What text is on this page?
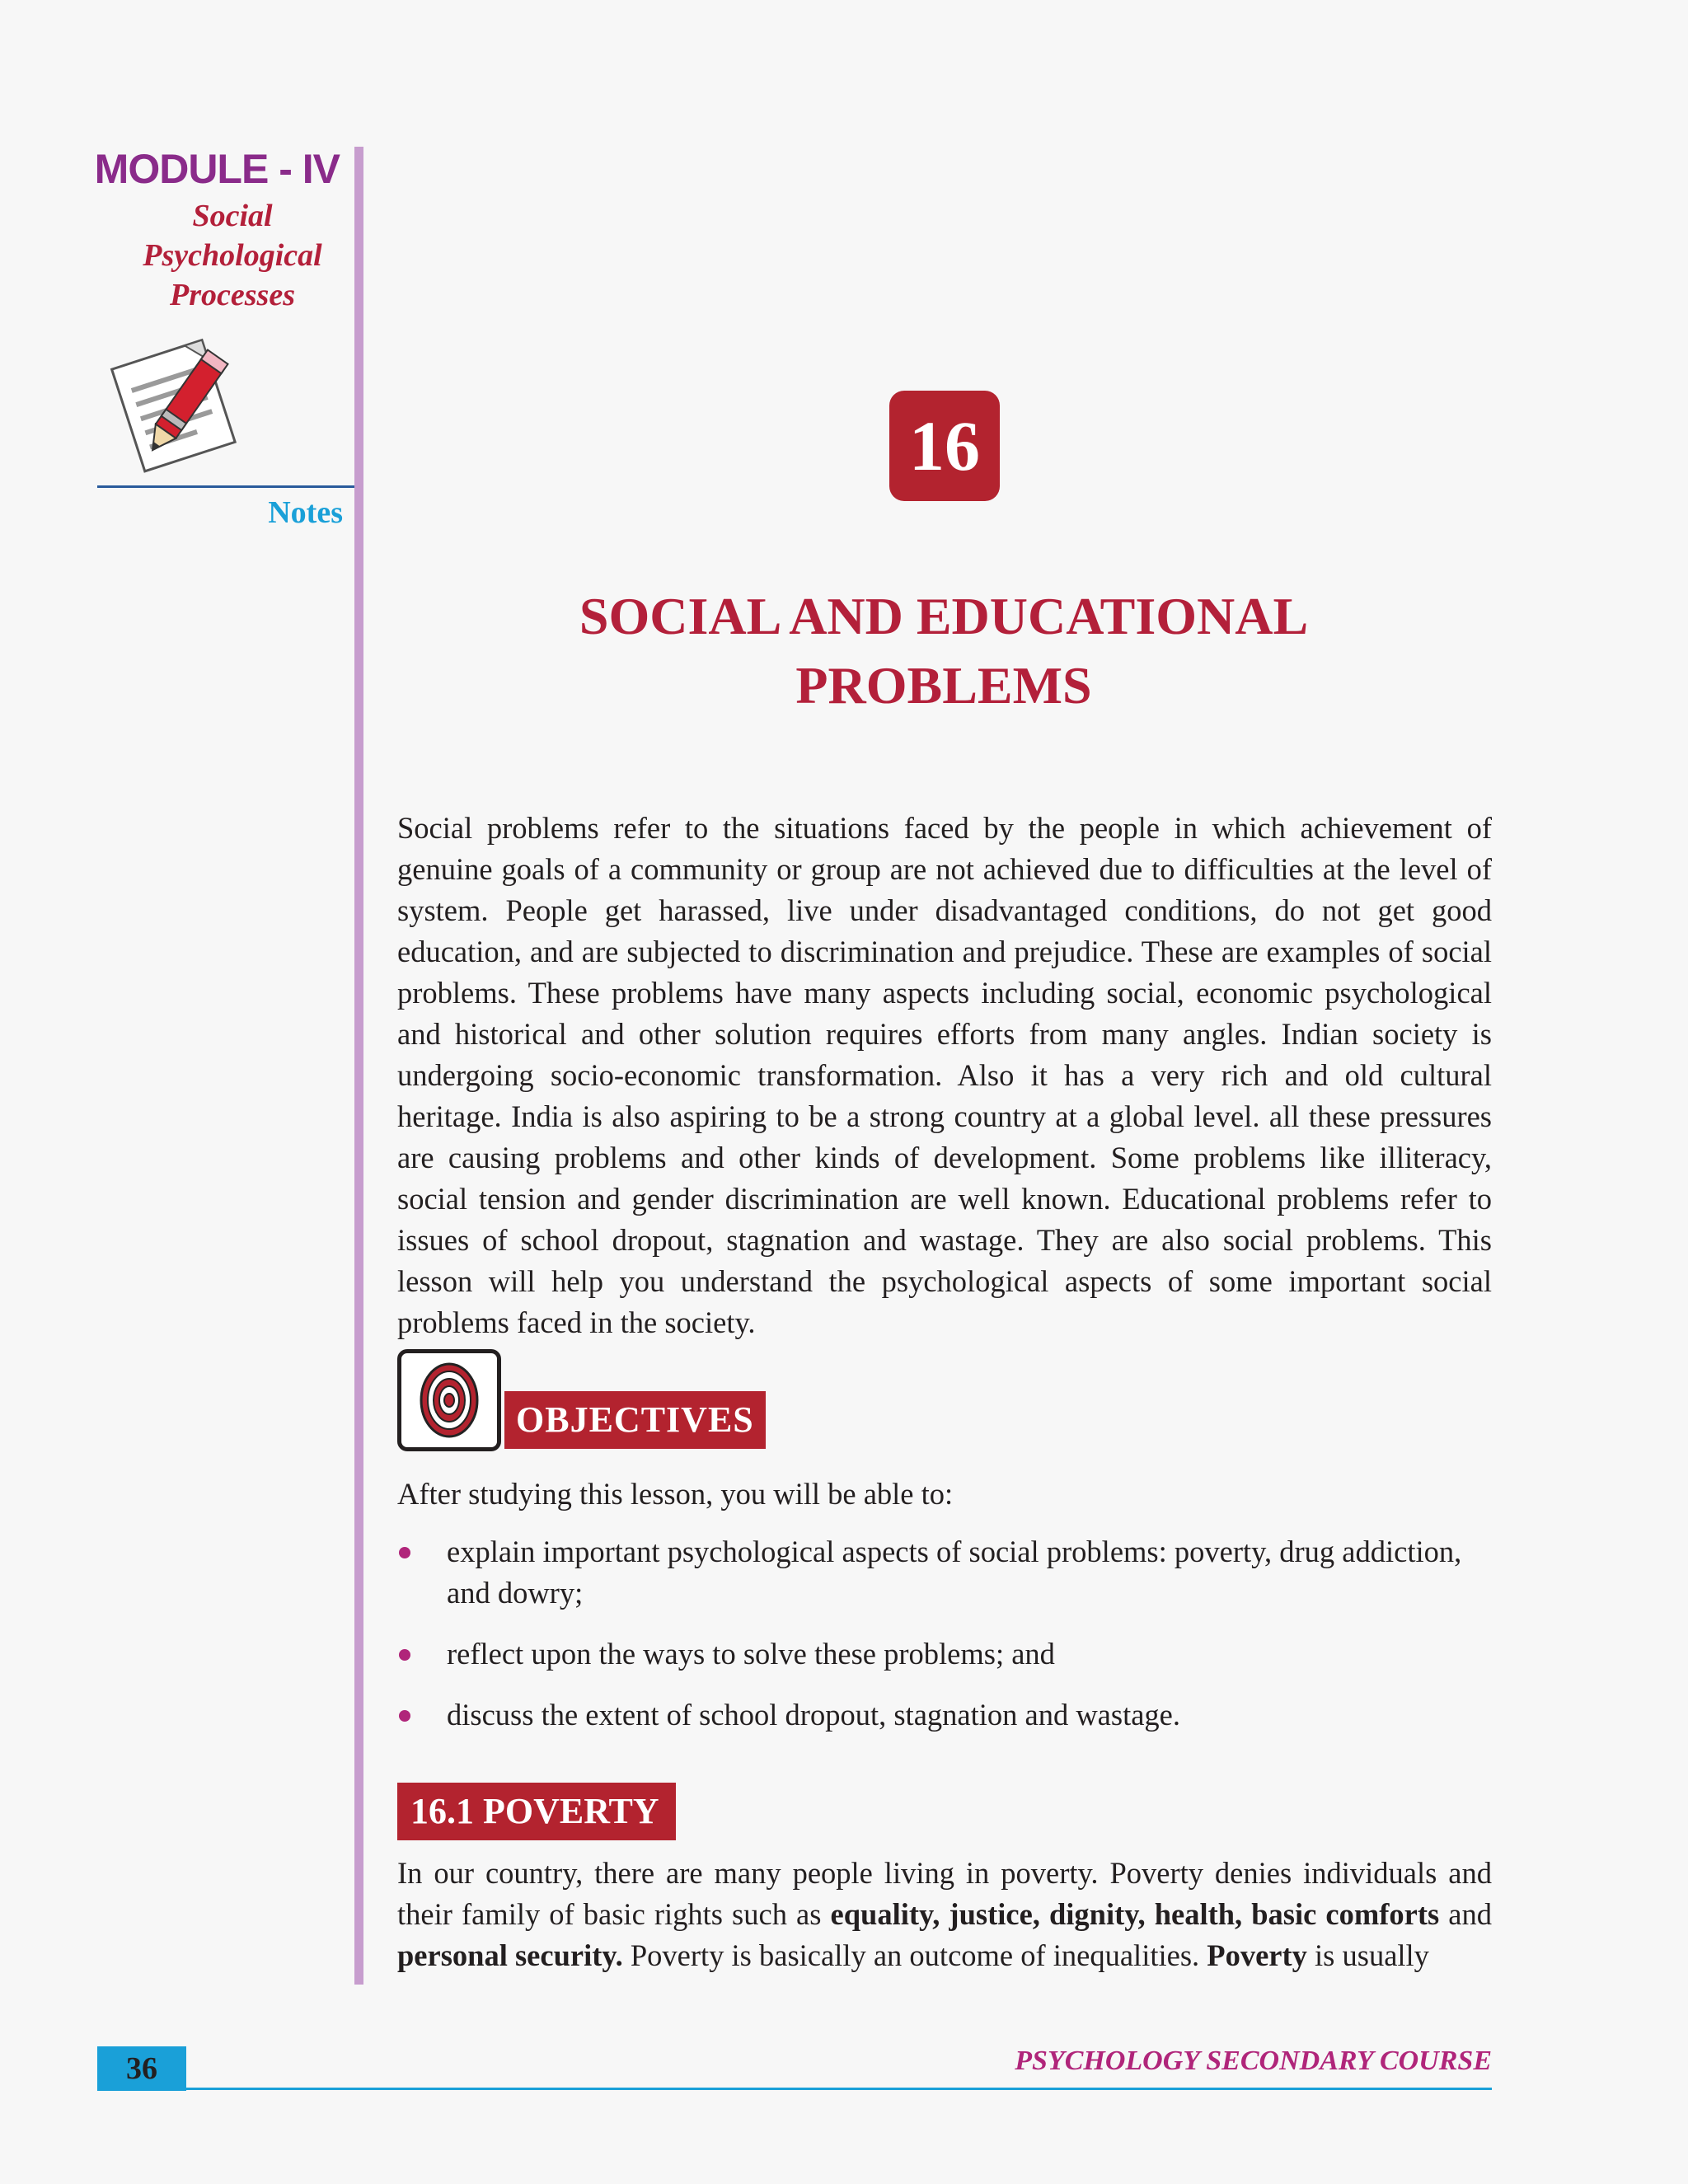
MODULE - IV
Social
Psychological
Processes
Notes
16
SOCIAL AND EDUCATIONAL
PROBLEMS

Social problems refer to the situations faced by the people in which achievement of genuine goals of a community or group are not achieved due to difficulties at the level of system. People get harassed, live under disadvantaged conditions, do not get good education, and are subjected to discrimination and prejudice. These are examples of social problems. These problems have many aspects including social, economic psychological and historical and other solution requires efforts from many angles. Indian society is undergoing socio-economic transformation. Also it has a very rich and old cultural heritage. India is also aspiring to be a strong country at a global level. all these pressures are causing problems and other kinds of development. Some problems like illiteracy, social tension and gender discrimination are well known. Educational problems refer to issues of school dropout, stagnation and wastage. They are also social problems. This lesson will help you understand the psychological aspects of some important social problems faced in the society.

OBJECTIVES
After studying this lesson, you will be able to:
explain important psychological aspects of social problems: poverty, drug addiction, and dowry;
reflect upon the ways to solve these problems; and
discuss the extent of school dropout, stagnation and wastage.
16.1 POVERTY

In our country, there are many people living in poverty. Poverty denies individuals and their family of basic rights such as equality, justice, dignity, health, basic comforts and personal security. Poverty is basically an outcome of inequalities. Poverty is usually

36	PSYCHOLOGY SECONDARY COURSE
